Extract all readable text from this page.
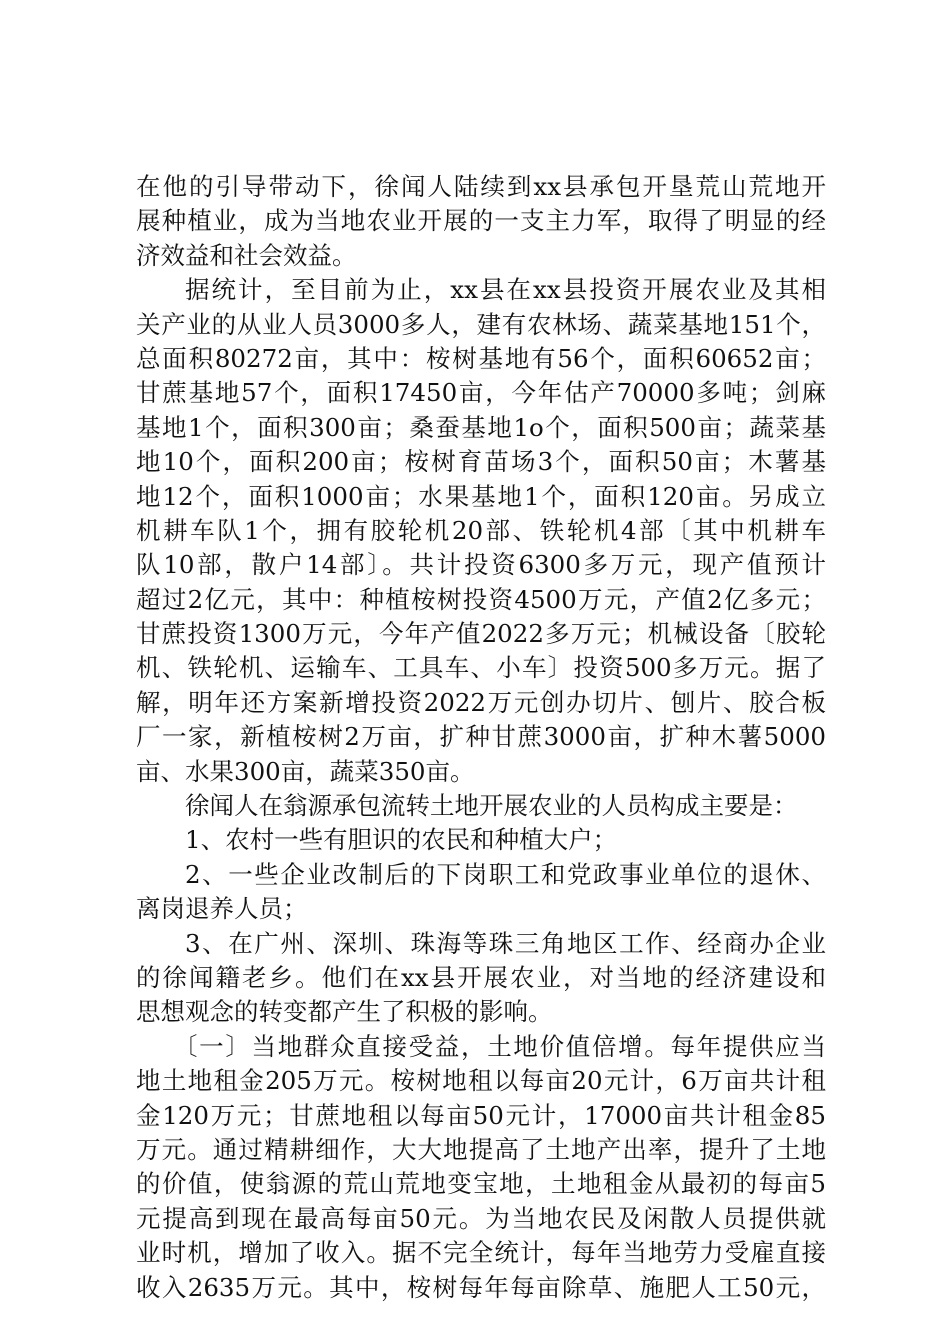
在他的引导带动下，徐闻人陆续到xx县承包开垦荒山荒地开
展种植业，成为当地农业开展的一支主力军，取得了明显的经
济效益和社会效益。
据统计，至目前为止，xx县在xx县投资开展农业及其相
关产业的从业人员3000多人，建有农林场、蔬菜基地151个，
总面积80272亩，其中：桉树基地有56个，面积60652亩；
甘蔗基地57个，面积17450亩，今年估产70000多吨；剑麻
基地1个，面积300亩；桑蚕基地1o个，面积500亩；蔬菜基
地10个，面积200亩；桉树育苗场3个，面积50亩；木薯基
地12个，面积1000亩；水果基地1个，面积120亩。另成立
机耕车队1个，拥有胶轮机20部、铁轮机4部〔其中机耕车
队10部，散户14部〕。共计投资6300多万元，现产值预计
超过2亿元，其中：种植桉树投资4500万元，产值2亿多元；
甘蔗投资1300万元，今年产值2022多万元；机械设备〔胶轮
机、铁轮机、运输车、工具车、小车〕投资500多万元。据了
解，明年还方案新增投资2022万元创办切片、刨片、胶合板
厂一家，新植桉树2万亩，扩种甘蔗3000亩，扩种木薯5000
亩、水果300亩，蔬菜350亩。
徐闻人在翁源承包流转土地开展农业的人员构成主要是：
1、农村一些有胆识的农民和种植大户；
2、一些企业改制后的下岗职工和党政事业单位的退休、
离岗退养人员；
3、在广州、深圳、珠海等珠三角地区工作、经商办企业
的徐闻籍老乡。他们在xx县开展农业，对当地的经济建设和
思想观念的转变都产生了积极的影响。
〔一〕当地群众直接受益，土地价值倍增。每年提供应当
地土地租金205万元。桉树地租以每亩20元计，6万亩共计租
金120万元；甘蔗地租以每亩50元计，17000亩共计租金85
万元。通过精耕细作，大大地提高了土地产出率，提升了土地
的价值，使翁源的荒山荒地变宝地，土地租金从最初的每亩5
元提高到现在最高每亩50元。为当地农民及闲散人员提供就
业时机，增加了收入。据不完全统计，每年当地劳力受雇直接
收入2635万元。其中，桉树每年每亩除草、施肥人工50元，
